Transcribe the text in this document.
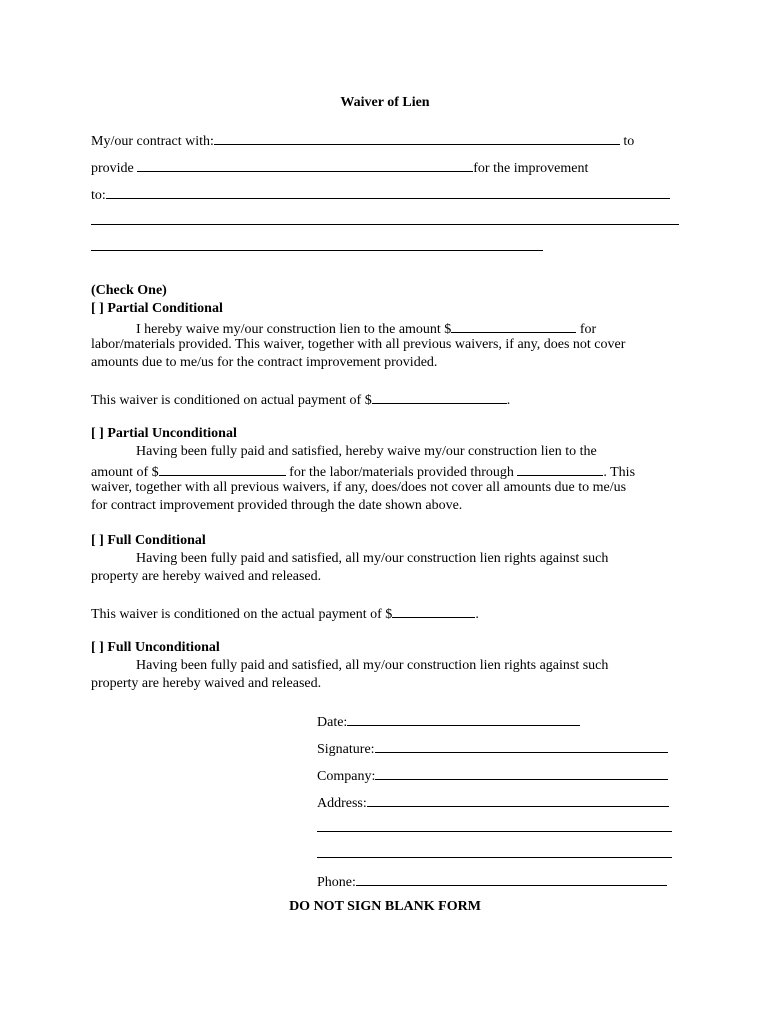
Waiver of Lien
My/our contract with:	to
provide	for the improvement
to:
(Check One)
[ ] Partial Conditional
I hereby waive my/our construction lien to the amount $	for
labor/materials provided. This waiver, together with all previous waivers, if any, does not cover
amounts due to me/us for the contract improvement provided.
This waiver is conditioned on actual payment of $	.
[ ] Partial Unconditional
Having been fully paid and satisfied, hereby waive my/our construction lien to the
amount of $	for the labor/materials provided through	. This
waiver, together with all previous waivers, if any, does/does not cover all amounts due to me/us
for contract improvement provided through the date shown above.
[ ] Full Conditional
Having been fully paid and satisfied, all my/our construction lien rights against such
property are hereby waived and released.
This waiver is conditioned on the actual payment of $	.
[ ] Full Unconditional
Having been fully paid and satisfied, all my/our construction lien rights against such
property are hereby waived and released.
Date:
Signature:
Company:
Address:
Phone:
DO NOT SIGN BLANK FORM
